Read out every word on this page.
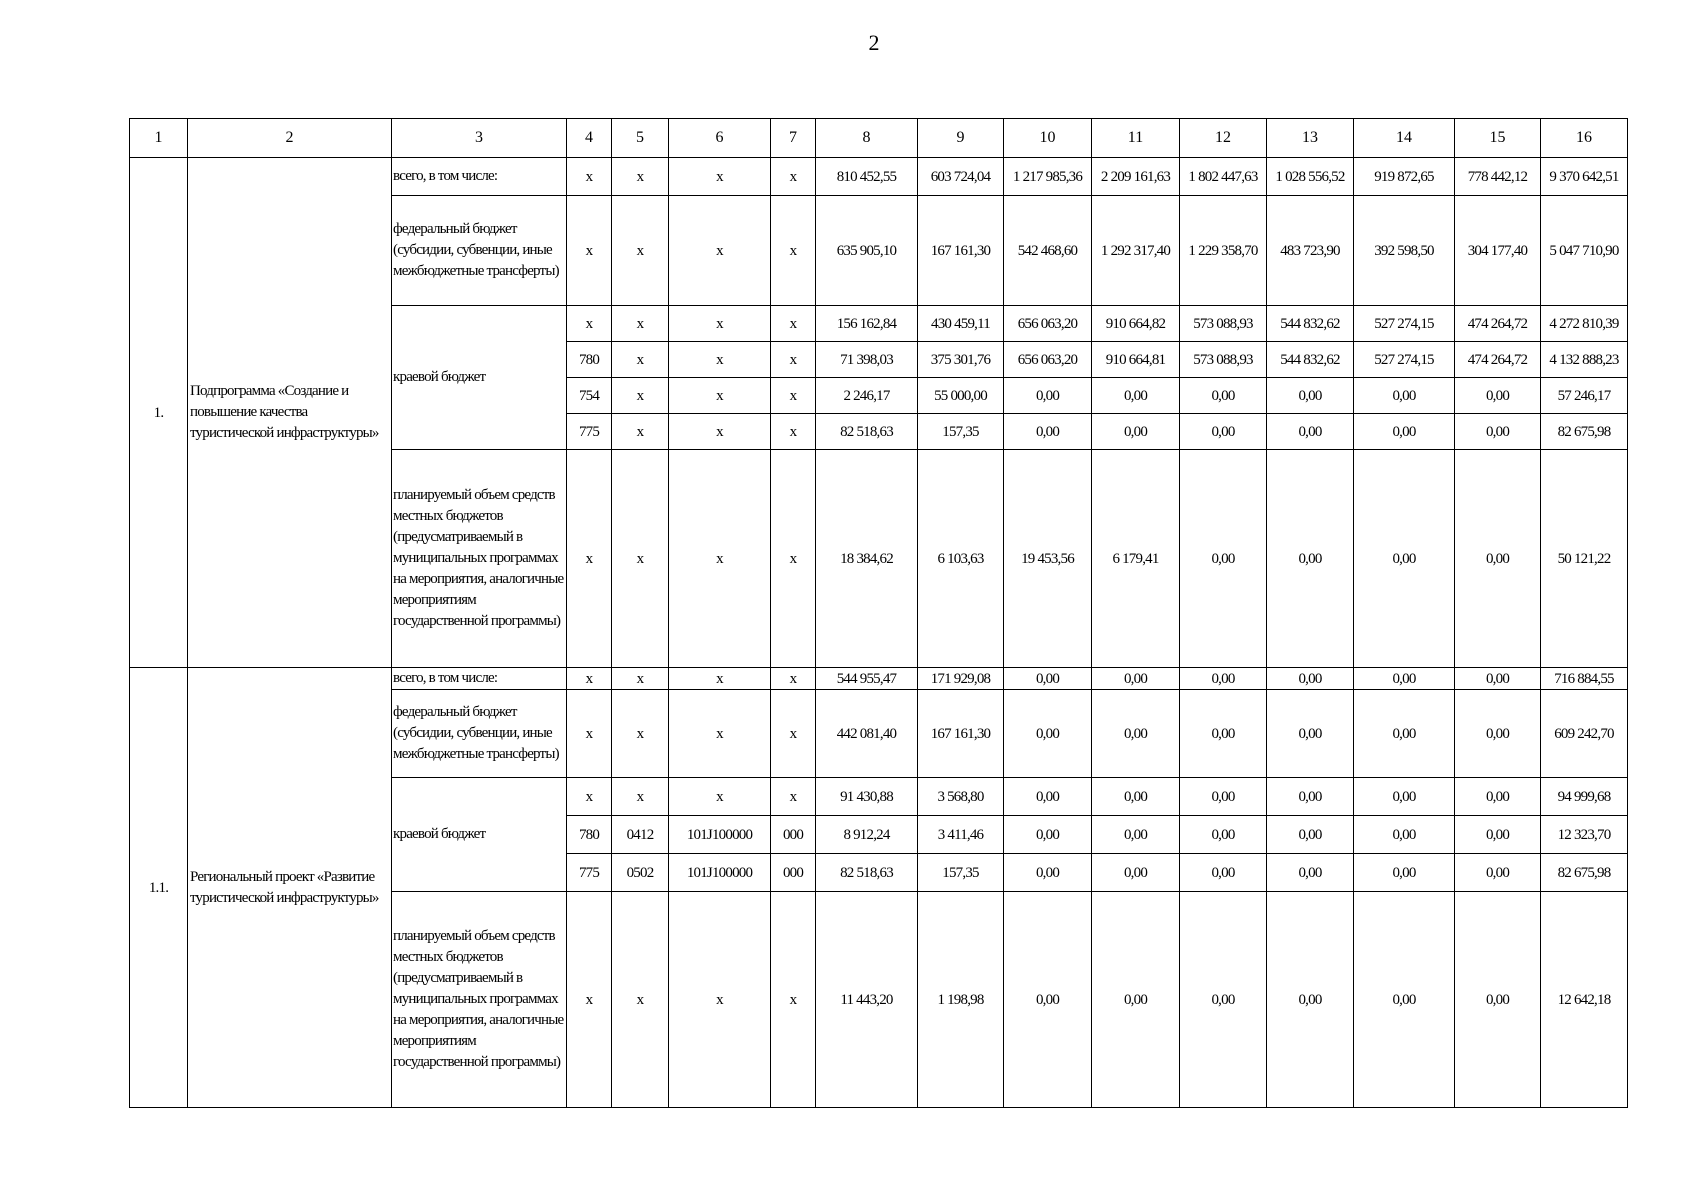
2
1	2	3	4	5	6	7	8	9	10	11	12	13	14	15	16
1.	Подпрограмма «Создание и повышение качества туристической инфраструктуры»	всего, в том числе:	х	х	х	х	810 452,55	603 724,04	1 217 985,36	2 209 161,63	1 802 447,63	1 028 556,52	919 872,65	778 442,12	9 370 642,51
		федеральный бюджет (субсидии, субвенции, иные межбюджетные трансферты)	х	х	х	х	635 905,10	167 161,30	542 468,60	1 292 317,40	1 229 358,70	483 723,90	392 598,50	304 177,40	5 047 710,90
		краевой бюджет	х	х	х	х	156 162,84	430 459,11	656 063,20	910 664,82	573 088,93	544 832,62	527 274,15	474 264,72	4 272 810,39
			780	х	х	х	71 398,03	375 301,76	656 063,20	910 664,81	573 088,93	544 832,62	527 274,15	474 264,72	4 132 888,23
			754	х	х	х	2 246,17	55 000,00	0,00	0,00	0,00	0,00	0,00	0,00	57 246,17
			775	х	х	х	82 518,63	157,35	0,00	0,00	0,00	0,00	0,00	0,00	82 675,98
		планируемый объем средств местных бюджетов (предусматриваемый в муниципальных программах на мероприятия, аналогичные мероприятиям государственной программы)	х	х	х	х	18 384,62	6 103,63	19 453,56	6 179,41	0,00	0,00	0,00	0,00	50 121,22
1.1.	Региональный проект «Развитие туристической инфраструктуры»	всего, в том числе:	х	х	х	х	544 955,47	171 929,08	0,00	0,00	0,00	0,00	0,00	0,00	716 884,55
		федеральный бюджет (субсидии, субвенции, иные межбюджетные трансферты)	х	х	х	х	442 081,40	167 161,30	0,00	0,00	0,00	0,00	0,00	0,00	609 242,70
		краевой бюджет	х	х	х	х	91 430,88	3 568,80	0,00	0,00	0,00	0,00	0,00	0,00	94 999,68
			780	0412	101J100000	000	8 912,24	3 411,46	0,00	0,00	0,00	0,00	0,00	0,00	12 323,70
			775	0502	101J100000	000	82 518,63	157,35	0,00	0,00	0,00	0,00	0,00	0,00	82 675,98
		планируемый объем средств местных бюджетов (предусматриваемый в муниципальных программах на мероприятия, аналогичные мероприятиям государственной программы)	х	х	х	х	11 443,20	1 198,98	0,00	0,00	0,00	0,00	0,00	0,00	12 642,18
